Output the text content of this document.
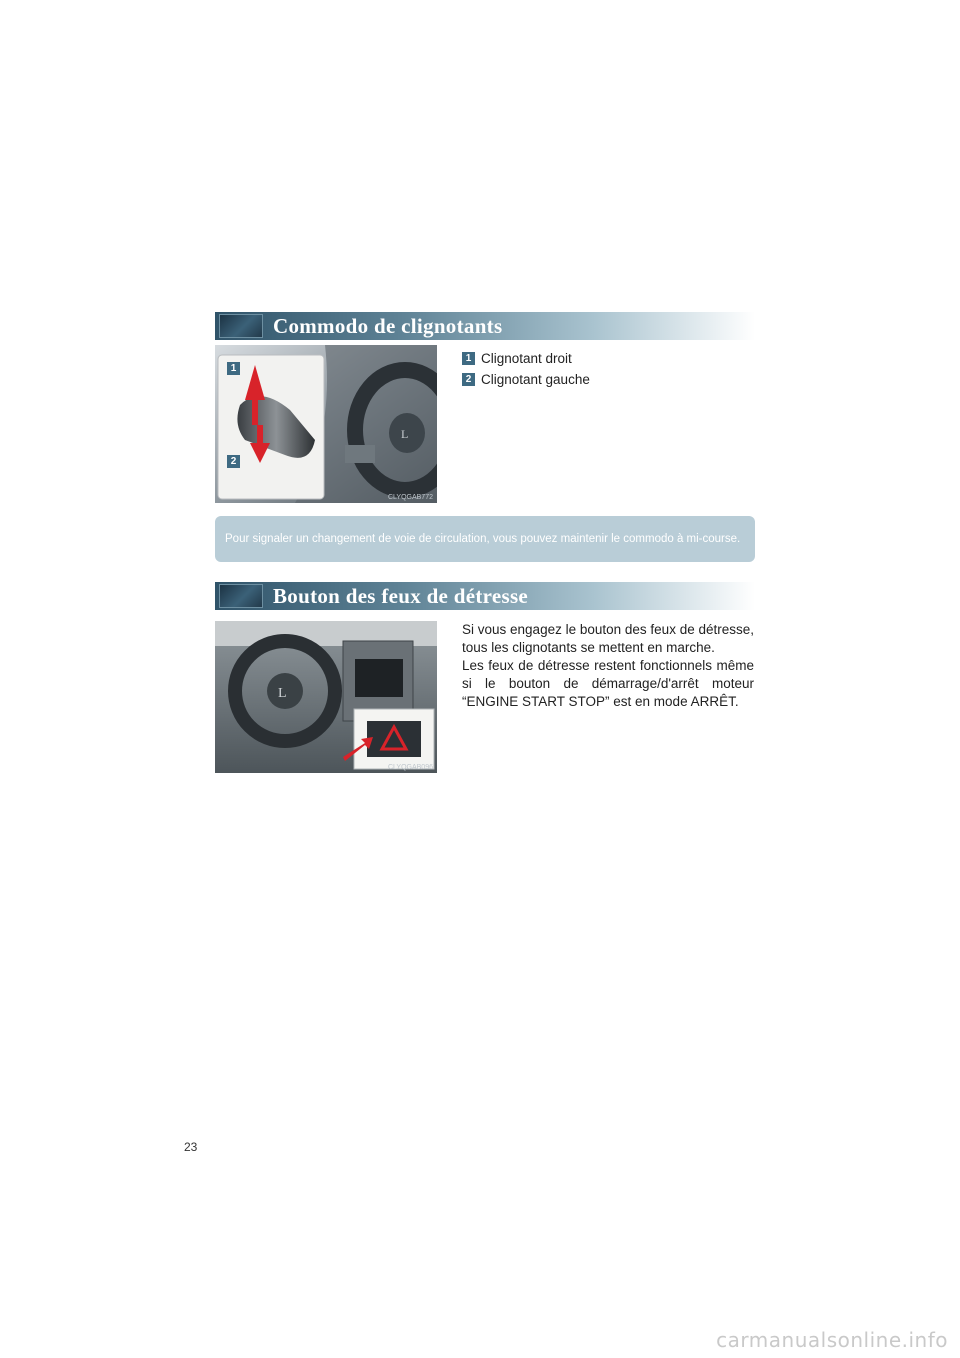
Commodo de clignotants
L
1
2
CLYQGAB772
1 Clignotant droit
2 Clignotant gauche
Pour signaler un changement de voie de circulation, vous pouvez maintenir le commodo à mi-course.
Bouton des feux de détresse
L
CLYQGAB096
Si vous engagez le bouton des feux de détresse, tous les clignotants se mettent en marche.
Les feux de détresse restent fonctionnels même si le bouton de démarrage/d'arrêt moteur “ENGINE START STOP” est en mode ARRÊT.
23
carmanualsonline.info
